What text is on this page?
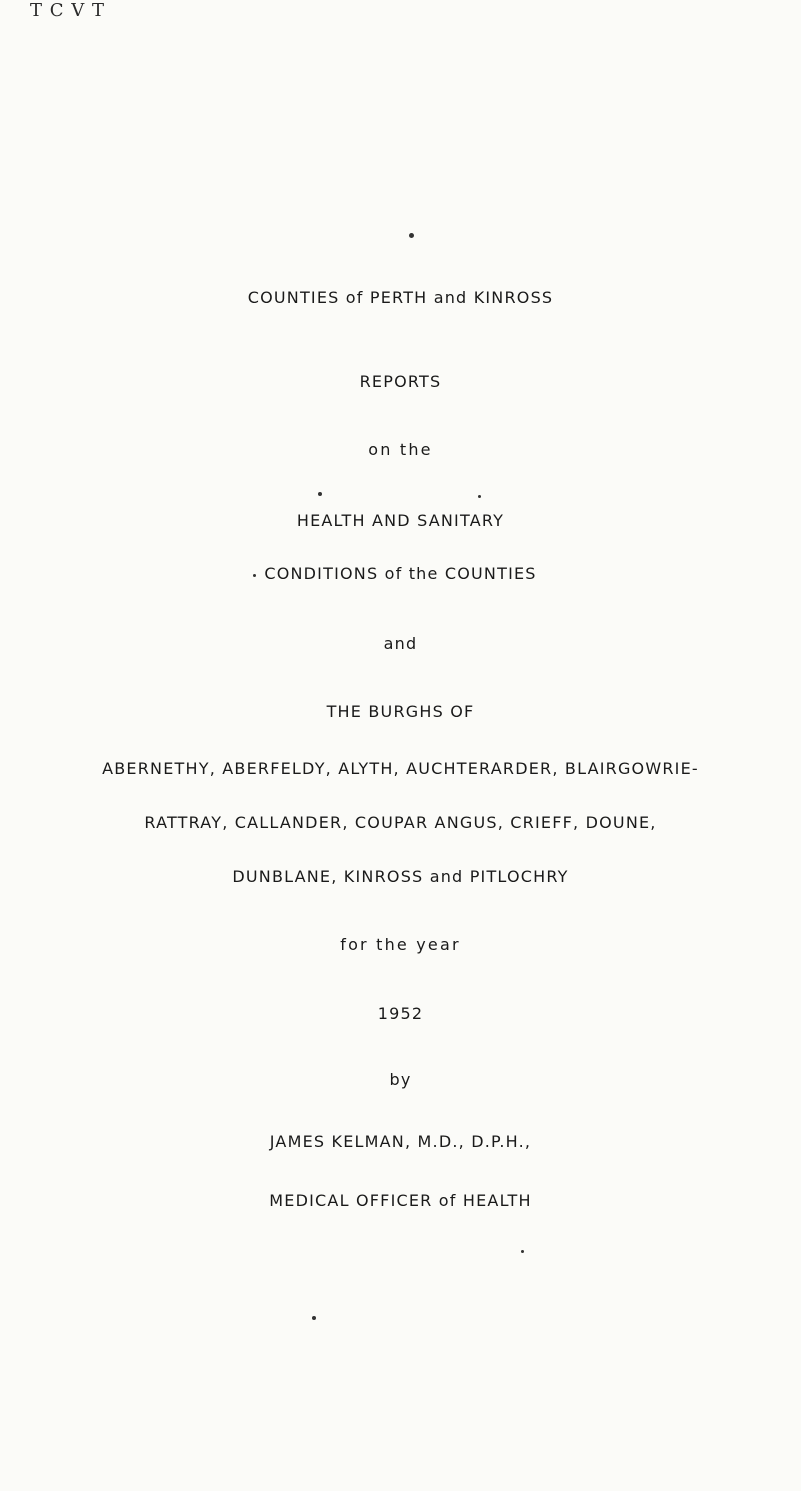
T C V T
COUNTIES of PERTH and KINROSS
REPORTS
on the
HEALTH AND SANITARY
CONDITIONS of the COUNTIES
and
THE BURGHS OF
ABERNETHY, ABERFELDY, ALYTH, AUCHTERARDER, BLAIRGOWRIE-
RATTRAY, CALLANDER, COUPAR ANGUS, CRIEFF, DOUNE,
DUNBLANE, KINROSS and PITLOCHRY
for the year
1952
by
JAMES KELMAN, M.D., D.P.H.,
MEDICAL OFFICER of HEALTH
